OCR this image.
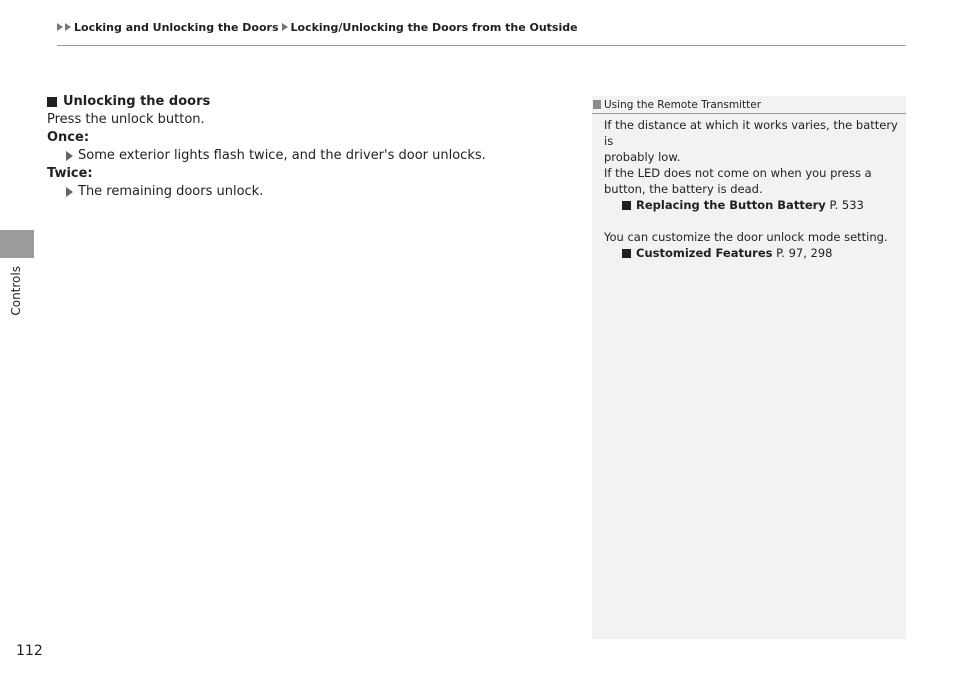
Locking and Unlocking the Doors Locking/Unlocking the Doors from the Outside
Controls
Unlocking the doors
Press the unlock button.
Once:
Some exterior lights flash twice, and the driver's door unlocks.
Twice:
The remaining doors unlock.
Using the Remote Transmitter
If the distance at which it works varies, the battery is
probably low.
If the LED does not come on when you press a
button, the battery is dead.
Replacing the Button Battery P. 533
You can customize the door unlock mode setting.
Customized Features P. 97, 298
112
